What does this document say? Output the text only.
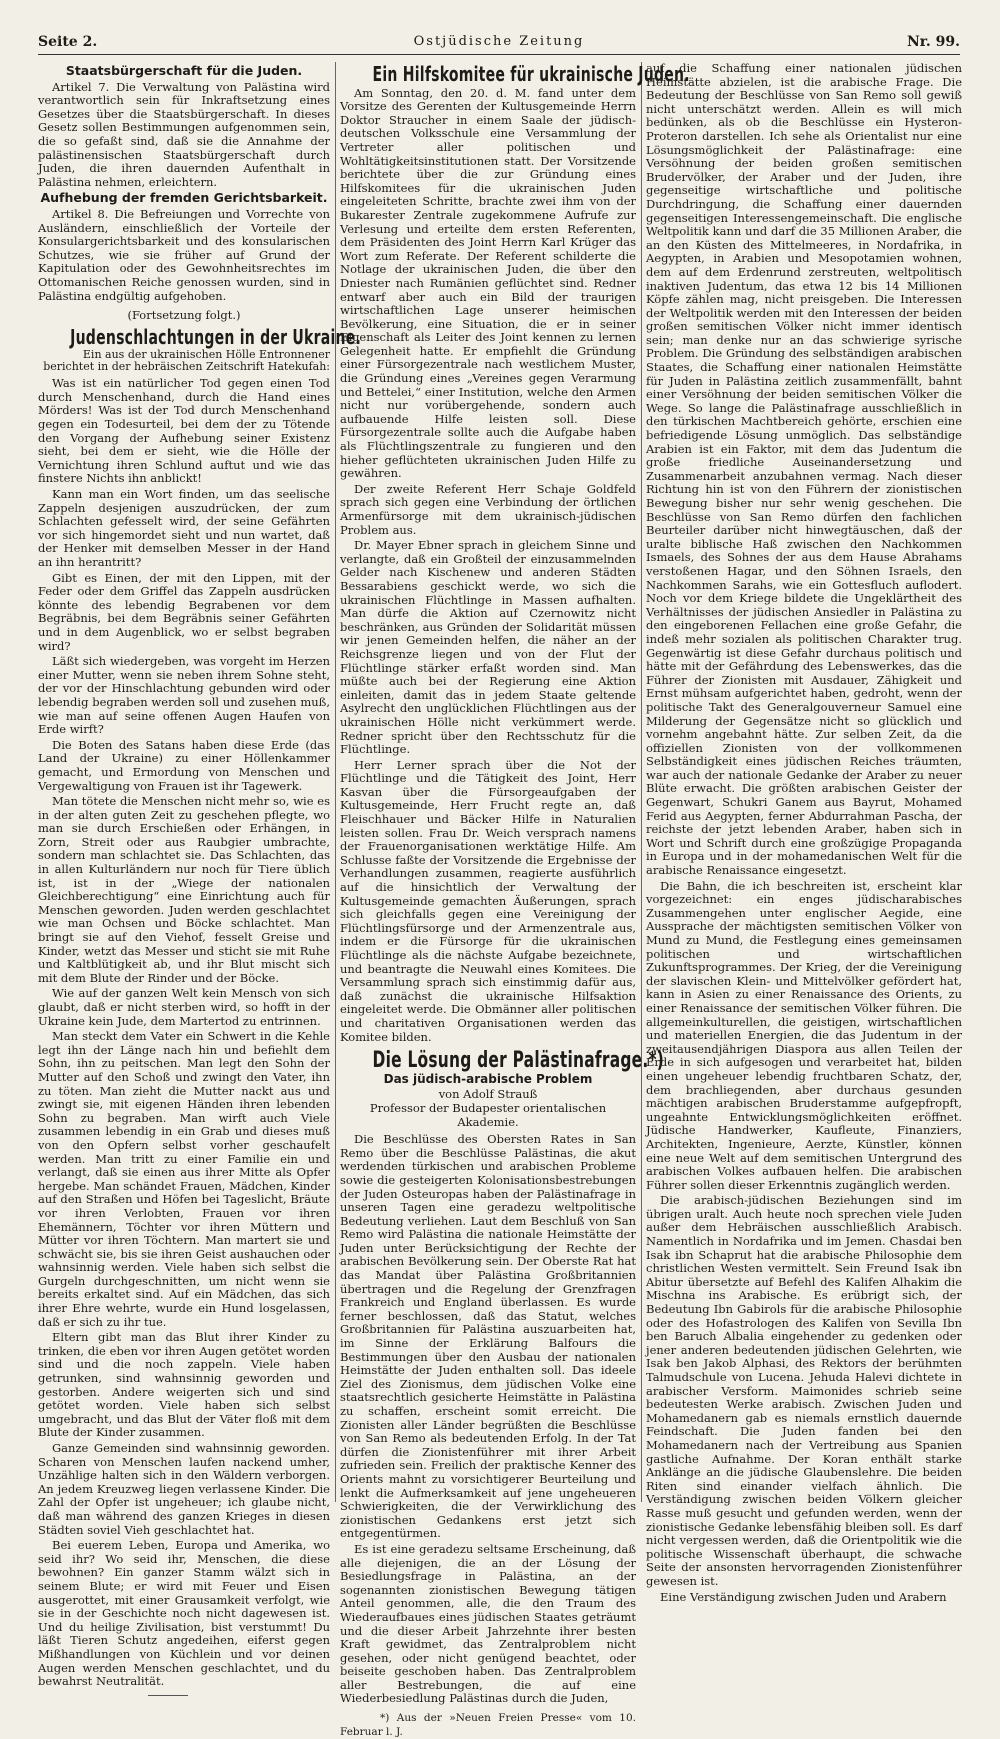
Seite 2.	Ostjüdische Zeitung	Nr. 99.
Staatsbürgerschaft für die Juden.

Artikel 7. Die Verwaltung von Palästina wird verantwortlich sein für Inkraftsetzung eines Gesetzes über die Staatsbürgerschaft. In dieses Gesetz sollen Bestimmungen aufgenommen sein, die so gefaßt sind, daß sie die Annahme der palästinensischen Staatsbürgerschaft durch Juden, die ihren dauernden Aufenthalt in Palästina nehmen, erleichtern.

Aufhebung der fremden Gerichtsbarkeit.

Artikel 8. Die Befreiungen und Vorrechte von Ausländern, einschließlich der Vorteile der Konsulargerichtsbarkeit und des konsularischen Schutzes, wie sie früher auf Grund der Kapitulation oder des Gewohnheitsrechtes im Ottomanischen Reiche genossen wurden, sind in Palästina endgültig aufgehoben.

(Fortsetzung folgt.)
Judenschlachtungen in der Ukraine.
Ein aus der ukrainischen Hölle Entronnener berichtet in der hebräischen Zeitschrift Hatekufah:

Was ist ein natürlicher Tod gegen einen Tod durch Menschenhand, durch die Hand eines Mörders! Was ist der Tod durch Menschenhand gegen ein Todesurteil, bei dem der zu Tötende den Vorgang der Aufhebung seiner Existenz sieht, bei dem er sieht, wie die Hölle der Vernichtung ihren Schlund auftut und wie das finstere Nichts ihn anblickt!

Kann man ein Wort finden, um das seelische Zappeln desjenigen auszudrücken, der zum Schlachten gefesselt wird, der seine Gefährten vor sich hingemordet sieht und nun wartet, daß der Henker mit demselben Messer in der Hand an ihn herantritt?

Gibt es Einen, der mit den Lippen, mit der Feder oder dem Griffel das Zappeln ausdrücken könnte des lebendig Begrabenen vor dem Begräbnis, bei dem Begräbnis seiner Gefährten und in dem Augenblick, wo er selbst begraben wird?

Läßt sich wiedergeben, was vorgeht im Herzen einer Mutter, wenn sie neben ihrem Sohne steht, der vor der Hinschlachtung gebunden wird oder lebendig begraben werden soll und zusehen muß, wie man auf seine offenen Augen Haufen von Erde wirft?

Die Boten des Satans haben diese Erde (das Land der Ukraine) zu einer Höllenkammer gemacht, und Ermordung von Menschen und Vergewaltigung von Frauen ist ihr Tagewerk.

Man tötete die Menschen nicht mehr so, wie es in der alten guten Zeit zu geschehen pflegte, wo man sie durch Erschießen oder Erhängen, in Zorn, Streit oder aus Raubgier umbrachte, sondern man schlachtet sie. Das Schlachten, das in allen Kulturländern nur noch für Tiere üblich ist, ist in der „Wiege der nationalen Gleichberechtigung“ eine Einrichtung auch für Menschen geworden. Juden werden geschlachtet wie man Ochsen und Böcke schlachtet. Man bringt sie auf den Viehof, fesselt Greise und Kinder, wetzt das Messer und sticht sie mit Ruhe und Kaltblütigkeit ab, und ihr Blut mischt sich mit dem Blute der Rinder und der Böcke.

Wie auf der ganzen Welt kein Mensch von sich glaubt, daß er nicht sterben wird, so hofft in der Ukraine kein Jude, dem Martertod zu entrinnen.

Man steckt dem Vater ein Schwert in die Kehle legt ihn der Länge nach hin und befiehlt dem Sohn, ihn zu peitschen. Man legt den Sohn der Mutter auf den Schoß und zwingt den Vater, ihn zu töten. Man zieht die Mutter nackt aus und zwingt sie, mit eigenen Händen ihren lebenden Sohn zu begraben. Man wirft auch Viele zusammen lebendig in ein Grab und dieses muß von den Opfern selbst vorher geschaufelt werden. Man tritt zu einer Familie ein und verlangt, daß sie einen aus ihrer Mitte als Opfer hergebe. Man schändet Frauen, Mädchen, Kinder auf den Straßen und Höfen bei Tageslicht, Bräute vor ihren Verlobten, Frauen vor ihren Ehemännern, Töchter vor ihren Müttern und Mütter vor ihren Töchtern. Man martert sie und schwächt sie, bis sie ihren Geist aushauchen oder wahnsinnig werden. Viele haben sich selbst die Gurgeln durchgeschnitten, um nicht wenn sie bereits erkaltet sind. Auf ein Mädchen, das sich ihrer Ehre wehrte, wurde ein Hund losgelassen, daß er sich zu ihr tue.

Eltern gibt man das Blut ihrer Kinder zu trinken, die eben vor ihren Augen getötet worden sind und die noch zappeln. Viele haben getrunken, sind wahnsinnig geworden und gestorben. Andere weigerten sich und sind getötet worden. Viele haben sich selbst umgebracht, und das Blut der Väter floß mit dem Blute der Kinder zusammen.

Ganze Gemeinden sind wahnsinnig geworden. Scharen von Menschen laufen nackend umher, Unzählige halten sich in den Wäldern verborgen. An jedem Kreuzweg liegen verlassene Kinder. Die Zahl der Opfer ist ungeheuer; ich glaube nicht, daß man während des ganzen Krieges in diesen Städten soviel Vieh geschlachtet hat.

Bei euerem Leben, Europa und Amerika, wo seid ihr? Wo seid ihr, Menschen, die diese bewohnen? Ein ganzer Stamm wälzt sich in seinem Blute; er wird mit Feuer und Eisen ausgerottet, mit einer Grausamkeit verfolgt, wie sie in der Geschichte noch nicht dagewesen ist. Und du heilige Zivilisation, bist verstummt! Du läßt Tieren Schutz angedeihen, eiferst gegen Mißhandlungen von Küchlein und vor deinen Augen werden Menschen geschlachtet, und du bewahrst Neutralität.

Ein Hilfskomitee für ukrainische Juden.

Am Sonntag, den 20. d. M. fand unter dem Vorsitze des Gerenten der Kultusgemeinde Herrn Doktor Straucher in einem Saale der jüdisch-deutschen Volksschule eine Versammlung der Vertreter aller politischen und Wohltätigkeitsinstitutionen statt. Der Vorsitzende berichtete über die zur Gründung eines Hilfskomitees für die ukrainischen Juden eingeleiteten Schritte, brachte zwei ihm von der Bukarester Zentrale zugekommene Aufrufe zur Verlesung und erteilte dem ersten Referenten, dem Präsidenten des Joint Herrn Karl Krüger das Wort zum Referate. Der Referent schilderte die Notlage der ukrainischen Juden, die über den Dniester nach Rumänien geflüchtet sind. Redner entwarf aber auch ein Bild der traurigen wirtschaftlichen Lage unserer heimischen Bevölkerung, eine Situation, die er in seiner Eigenschaft als Leiter des Joint kennen zu lernen Gelegenheit hatte. Er empfiehlt die Gründung einer Fürsorgezentrale nach westlichem Muster, die Gründung eines „Vereines gegen Verarmung und Bettelei,“ einer Institution, welche den Armen nicht nur vorübergehende, sondern auch aufbauende Hilfe leisten soll. Diese Fürsorgezentrale sollte auch die Aufgabe haben als Flüchtlingszentrale zu fungieren und den hieher geflüchteten ukrainischen Juden Hilfe zu gewähren.

Der zweite Referent Herr Schaje Goldfeld sprach sich gegen eine Verbindung der örtlichen Armenfürsorge mit dem ukrainisch-jüdischen Problem aus.

Dr. Mayer Ebner sprach in gleichem Sinne und verlangte, daß ein Großteil der einzusammelnden Gelder nach Kischenew und anderen Städten Bessarabiens geschickt werde, wo sich die ukrainischen Flüchtlinge in Massen aufhalten. Man dürfe die Aktion auf Czernowitz nicht beschränken, aus Gründen der Solidarität müssen wir jenen Gemeinden helfen, die näher an der Reichsgrenze liegen und von der Flut der Flüchtlinge stärker erfaßt worden sind. Man müßte auch bei der Regierung eine Aktion einleiten, damit das in jedem Staate geltende Asylrecht den unglücklichen Flüchtlingen aus der ukrainischen Hölle nicht verkümmert werde. Redner spricht über den Rechtsschutz für die Flüchtlinge.

Herr Lerner sprach über die Not der Flüchtlinge und die Tätigkeit des Joint, Herr Kasvan über die Fürsorgeaufgaben der Kultusgemeinde, Herr Frucht regte an, daß Fleischhauer und Bäcker Hilfe in Naturalien leisten sollen. Frau Dr. Weich versprach namens der Frauenorganisationen werktätige Hilfe. Am Schlusse faßte der Vorsitzende die Ergebnisse der Verhandlungen zusammen, reagierte ausführlich auf die hinsichtlich der Verwaltung der Kultusgemeinde gemachten Äußerungen, sprach sich gleichfalls gegen eine Vereinigung der Flüchtlingsfürsorge und der Armenzentrale aus, indem er die Fürsorge für die ukrainischen Flüchtlinge als die nächste Aufgabe bezeichnete, und beantragte die Neuwahl eines Komitees. Die Versammlung sprach sich einstimmig dafür aus, daß zunächst die ukrainische Hilfsaktion eingeleitet werde. Die Obmänner aller politischen und charitativen Organisationen werden das Komitee bilden.

Die Lösung der Palästinafrage.*)
Das jüdisch-arabische Problem
von Adolf Strauß
Professor der Budapester orientalischen Akademie.

Die Beschlüsse des Obersten Rates in San Remo über die Beschlüsse Palästinas, die akut werdenden türkischen und arabischen Probleme sowie die gesteigerten Kolonisationsbestrebungen der Juden Osteuropas haben der Palästinafrage in unseren Tagen eine geradezu weltpolitische Bedeutung verliehen. Laut dem Beschluß von San Remo wird Palästina die nationale Heimstätte der Juden unter Berücksichtigung der Rechte der arabischen Bevölkerung sein. Der Oberste Rat hat das Mandat über Palästina Großbritannien übertragen und die Regelung der Grenzfragen Frankreich und England überlassen. Es wurde ferner beschlossen, daß das Statut, welches Großbritannien für Palästina auszuarbeiten hat, im Sinne der Erklärung Balfours die Bestimmungen über den Ausbau der nationalen Heimstätte der Juden enthalten soll. Das ideele Ziel des Zionismus, dem jüdischen Volke eine staatsrechtlich gesicherte Heimstätte in Palästina zu schaffen, erscheint somit erreicht. Die Zionisten aller Länder begrüßten die Beschlüsse von San Remo als bedeutenden Erfolg. In der Tat dürfen die Zionistenführer mit ihrer Arbeit zufrieden sein. Freilich der praktische Kenner des Orients mahnt zu vorsichtigerer Beurteilung und lenkt die Aufmerksamkeit auf jene ungeheueren Schwierigkeiten, die der Verwirklichung des zionistischen Gedankens erst jetzt sich entgegentürmen.

Es ist eine geradezu seltsame Erscheinung, daß alle diejenigen, die an der Lösung der Besiedlungsfrage in Palästina, an der sogenannten zionistischen Bewegung tätigen Anteil genommen, alle, die den Traum des Wiederaufbaues eines jüdischen Staates geträumt und die dieser Arbeit Jahrzehnte ihrer besten Kraft gewidmet, das Zentralproblem nicht gesehen, oder nicht genügend beachtet, oder beiseite geschoben haben. Das Zentralproblem aller Bestrebungen, die auf eine Wiederbesiedlung Palästinas durch die Juden,

*) Aus der »Neuen Freien Presse« vom 10. Februar l. J.

auf die Schaffung einer nationalen jüdischen Heimstätte abzielen, ist die arabische Frage. Die Bedeutung der Beschlüsse von San Remo soll gewiß nicht unterschätzt werden. Allein es will mich bedünken, als ob die Beschlüsse ein Hysteron-Proteron darstellen. Ich sehe als Orientalist nur eine Lösungsmöglichkeit der Palästinafrage: eine Versöhnung der beiden großen semitischen Brudervölker, der Araber und der Juden, ihre gegenseitige wirtschaftliche und politische Durchdringung, die Schaffung einer dauernden gegenseitigen Interessengemeinschaft. Die englische Weltpolitik kann und darf die 35 Millionen Araber, die an den Küsten des Mittelmeeres, in Nordafrika, in Aegypten, in Arabien und Mesopotamien wohnen, dem auf dem Erdenrund zerstreuten, weltpolitisch inaktiven Judentum, das etwa 12 bis 14 Millionen Köpfe zählen mag, nicht preisgeben. Die Interessen der Weltpolitik werden mit den Interessen der beiden großen semitischen Völker nicht immer identisch sein; man denke nur an das schwierige syrische Problem. Die Gründung des selbständigen arabischen Staates, die Schaffung einer nationalen Heimstätte für Juden in Palästina zeitlich zusammenfällt, bahnt einer Versöhnung der beiden semitischen Völker die Wege. So lange die Palästinafrage ausschließlich in den türkischen Machtbereich gehörte, erschien eine befriedigende Lösung unmöglich. Das selbständige Arabien ist ein Faktor, mit dem das Judentum die große friedliche Auseinandersetzung und Zusammenarbeit anzubahnen vermag. Nach dieser Richtung hin ist von den Führern der zionistischen Bewegung bisher nur sehr wenig geschehen. Die Beschlüsse von San Remo dürfen den fachlichen Beurteiler darüber nicht hinwegtäuschen, daß der uralte biblische Haß zwischen den Nachkommen Ismaels, des Sohnes der aus dem Hause Abrahams verstoßenen Hagar, und den Söhnen Israels, den Nachkommen Sarahs, wie ein Gottesfluch auflodert. Noch vor dem Kriege bildete die Ungeklärtheit des Verhältnisses der jüdischen Ansiedler in Palästina zu den eingeborenen Fellachen eine große Gefahr, die indeß mehr sozialen als politischen Charakter trug. Gegenwärtig ist diese Gefahr durchaus politisch und hätte mit der Gefährdung des Lebenswerkes, das die Führer der Zionisten mit Ausdauer, Zähigkeit und Ernst mühsam aufgerichtet haben, gedroht, wenn der politische Takt des Generalgouverneur Samuel eine Milderung der Gegensätze nicht so glücklich und vornehm angebahnt hätte. Zur selben Zeit, da die offiziellen Zionisten von der vollkommenen Selbständigkeit eines jüdischen Reiches träumten, war auch der nationale Gedanke der Araber zu neuer Blüte erwacht. Die größten arabischen Geister der Gegenwart, Schukri Ganem aus Bayrut, Mohamed Ferid aus Aegypten, ferner Abdurrahman Pascha, der reichste der jetzt lebenden Araber, haben sich in Wort und Schrift durch eine großzügige Propaganda in Europa und in der mohamedanischen Welt für die arabische Renaissance eingesetzt.

Die Bahn, die ich beschreiten ist, erscheint klar vorgezeichnet: ein enges jüdischarabisches Zusammengehen unter englischer Aegide, eine Aussprache der mächtigsten semitischen Völker von Mund zu Mund, die Festlegung eines gemeinsamen politischen und wirtschaftlichen Zukunftsprogrammes. Der Krieg, der die Vereinigung der slavischen Klein- und Mittelvölker gefördert hat, kann in Asien zu einer Renaissance des Orients, zu einer Renaissance der semitischen Völker führen. Die allgemeinkulturellen, die geistigen, wirtschaftlichen und materiellen Energien, die das Judentum in der zweitausendjährigen Diaspora aus allen Teilen der Erde in sich aufgesogen und verarbeitet hat, bilden einen ungeheuer lebendig fruchtbaren Schatz, der, dem brachliegenden, aber durchaus gesunden mächtigen arabischen Bruderstamme aufgepfropft, ungeahnte Entwicklungsmöglichkeiten eröffnet. Jüdische Handwerker, Kaufleute, Finanziers, Architekten, Ingenieure, Aerzte, Künstler, können eine neue Welt auf dem semitischen Untergrund des arabischen Volkes aufbauen helfen. Die arabischen Führer sollen dieser Erkenntnis zugänglich werden.

Die arabisch-jüdischen Beziehungen sind im übrigen uralt. Auch heute noch sprechen viele Juden außer dem Hebräischen ausschließlich Arabisch. Namentlich in Nordafrika und im Jemen. Chasdai ben Isak ibn Schaprut hat die arabische Philosophie dem christlichen Westen vermittelt. Sein Freund Isak ibn Abitur übersetzte auf Befehl des Kalifen Alhakim die Mischna ins Arabische. Es erübrigt sich, der Bedeutung Ibn Gabirols für die arabische Philosophie oder des Hofastrologen des Kalifen von Sevilla Ibn ben Baruch Albalia eingehender zu gedenken oder jener anderen bedeutenden jüdischen Gelehrten, wie Isak ben Jakob Alphasi, des Rektors der berühmten Talmudschule von Lucena. Jehuda Halevi dichtete in arabischer Versform. Maimonides schrieb seine bedeutesten Werke arabisch. Zwischen Juden und Mohamedanern gab es niemals ernstlich dauernde Feindschaft. Die Juden fanden bei den Mohamedanern nach der Vertreibung aus Spanien gastliche Aufnahme. Der Koran enthält starke Anklänge an die jüdische Glaubenslehre. Die beiden Riten sind einander vielfach ähnlich. Die Verständigung zwischen beiden Völkern gleicher Rasse muß gesucht und gefunden werden, wenn der zionistische Gedanke lebensfähig bleiben soll. Es darf nicht vergessen werden, daß die Orientpolitik wie die politische Wissenschaft überhaupt, die schwache Seite der ansonsten hervorragenden Zionistenführer gewesen ist.

Eine Verständigung zwischen Juden und Arabern
